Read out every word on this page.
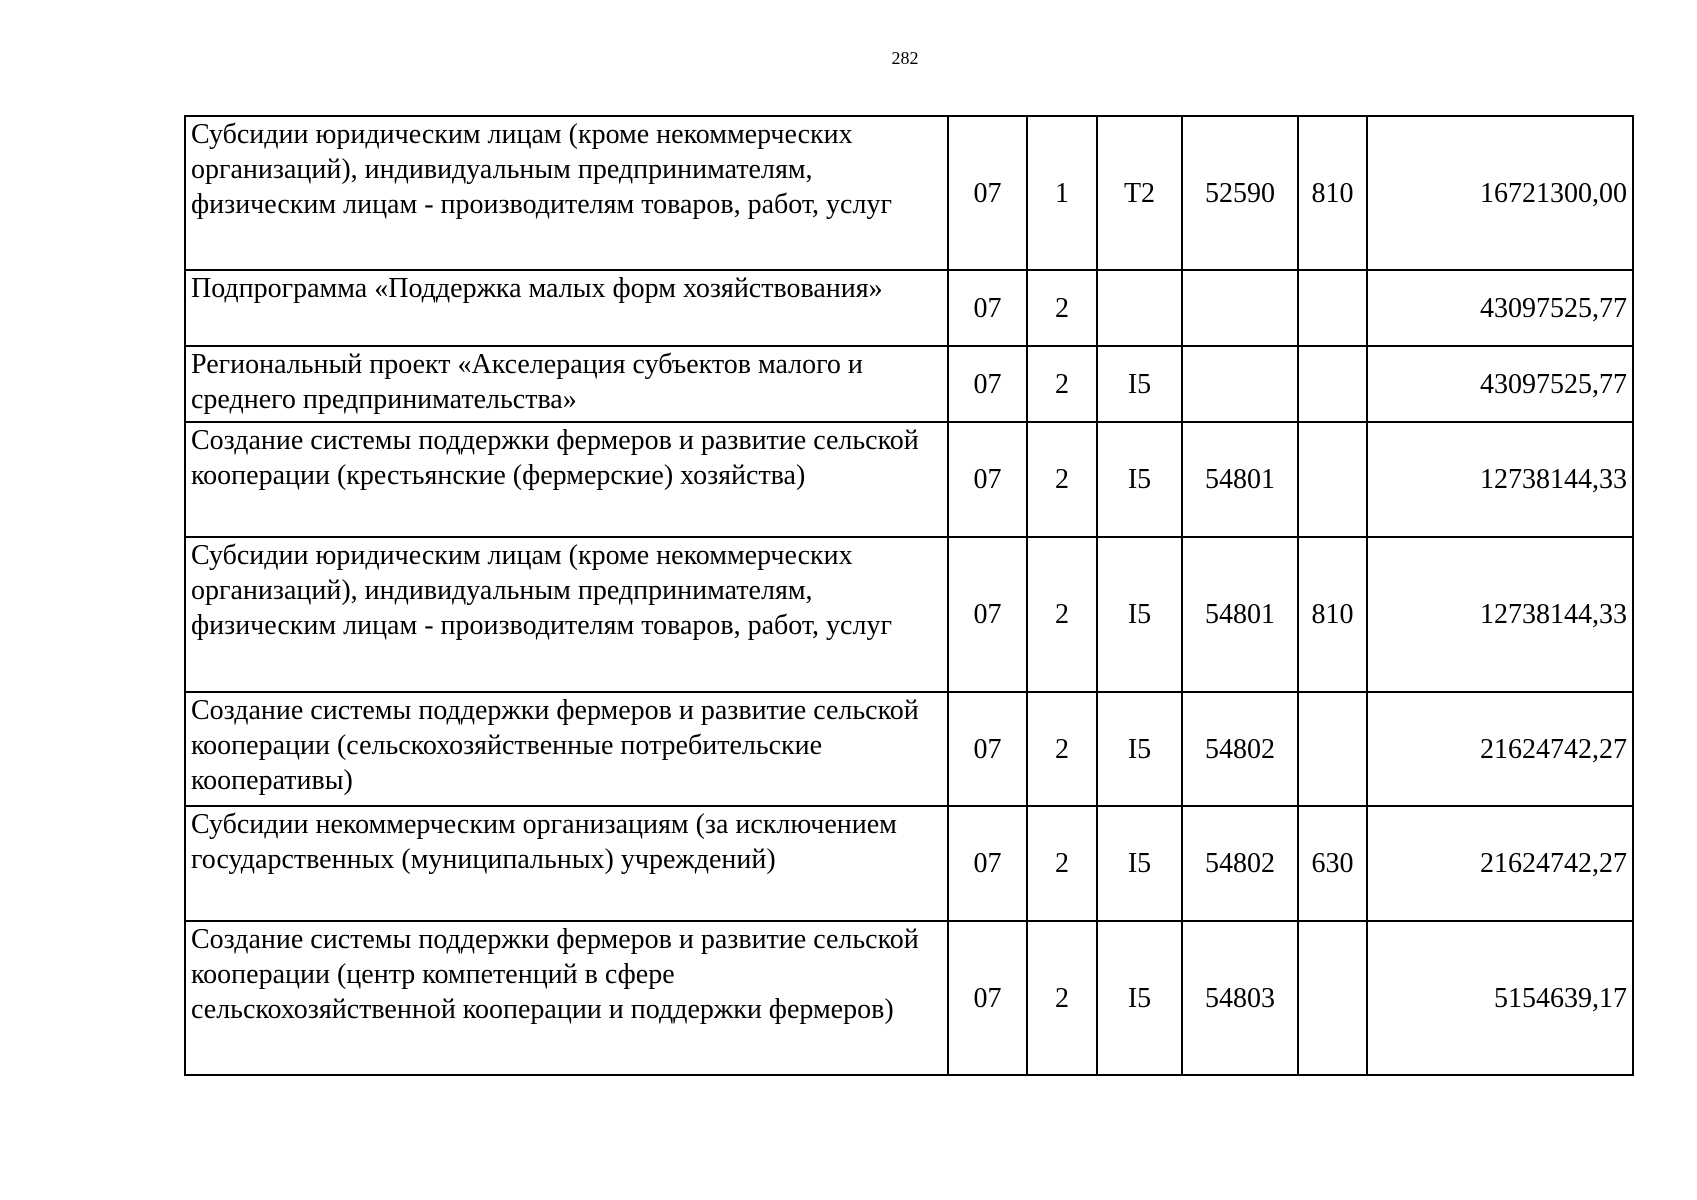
282
Субсидии юридическим лицам (кроме некоммерческих организаций), индивидуальным предпринимателям, физическим лицам - производителям товаров, работ, услуг	07	1	Т2	52590	810	16721300,00
Подпрограмма «Поддержка малых форм хозяйствования»	07	2				43097525,77
Региональный проект «Акселерация субъектов малого и среднего предпринимательства»	07	2	I5			43097525,77
Создание системы поддержки фермеров и развитие сельской кооперации (крестьянские (фермерские) хозяйства)	07	2	I5	54801		12738144,33
Субсидии юридическим лицам (кроме некоммерческих организаций), индивидуальным предпринимателям, физическим лицам - производителям товаров, работ, услуг	07	2	I5	54801	810	12738144,33
Создание системы поддержки фермеров и развитие сельской кооперации (сельскохозяйственные потребительские кооперативы)	07	2	I5	54802		21624742,27
Субсидии некоммерческим организациям (за исключением государственных (муниципальных) учреждений)	07	2	I5	54802	630	21624742,27
Создание системы поддержки фермеров и развитие сельской кооперации (центр компетенций в сфере сельскохозяйственной кооперации и поддержки фермеров)	07	2	I5	54803		5154639,17
